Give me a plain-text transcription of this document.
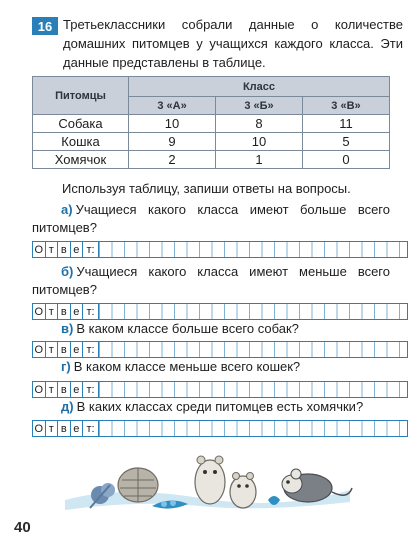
16 Третьеклассники собрали данные о количестве домашних питомцев у учащихся каждого класса. Эти данные представлены в таблице.
Питомцы	Класс		
	3 «А»	3 «Б»	3 «В»
Собака	10	8	11
Кошка	9	10	5
Хомячок	2	1	0
Используя таблицу, запиши ответы на вопросы.
а) Учащиеся какого класса имеют больше всего питомцев?
О т в е т:
б) Учащиеся какого класса имеют меньше всего питомцев?
О т в е т:
в) В каком классе больше всего собак?
О т в е т:
г) В каком классе меньше всего кошек?
О т в е т:
д) В каких классах среди питомцев есть хомячки?
О т в е т:
40
